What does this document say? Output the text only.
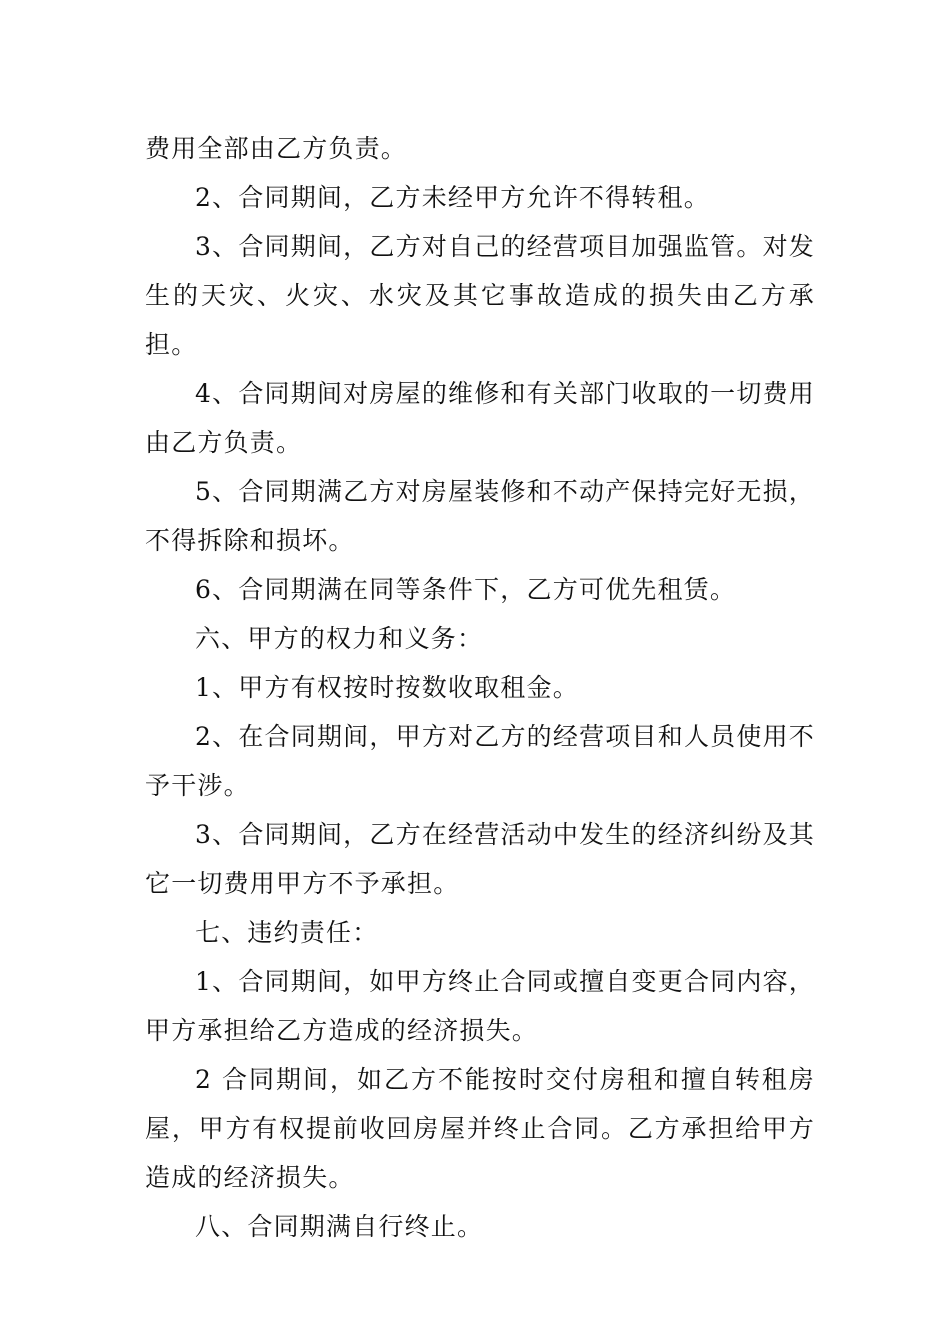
费用全部由乙方负责。

2、合同期间，乙方未经甲方允许不得转租。

3、合同期间，乙方对自己的经营项目加强监管。对发生的天灾、火灾、水灾及其它事故造成的损失由乙方承担。

4、合同期间对房屋的维修和有关部门收取的一切费用由乙方负责。

5、合同期满乙方对房屋装修和不动产保持完好无损，不得拆除和损坏。

6、合同期满在同等条件下，乙方可优先租赁。

六、甲方的权力和义务：

1、甲方有权按时按数收取租金。

2、在合同期间，甲方对乙方的经营项目和人员使用不予干涉。

3、合同期间，乙方在经营活动中发生的经济纠纷及其它一切费用甲方不予承担。

七、违约责任：

1、合同期间，如甲方终止合同或擅自变更合同内容，甲方承担给乙方造成的经济损失。

2 合同期间，如乙方不能按时交付房租和擅自转租房屋，甲方有权提前收回房屋并终止合同。乙方承担给甲方造成的经济损失。

八、合同期满自行终止。
